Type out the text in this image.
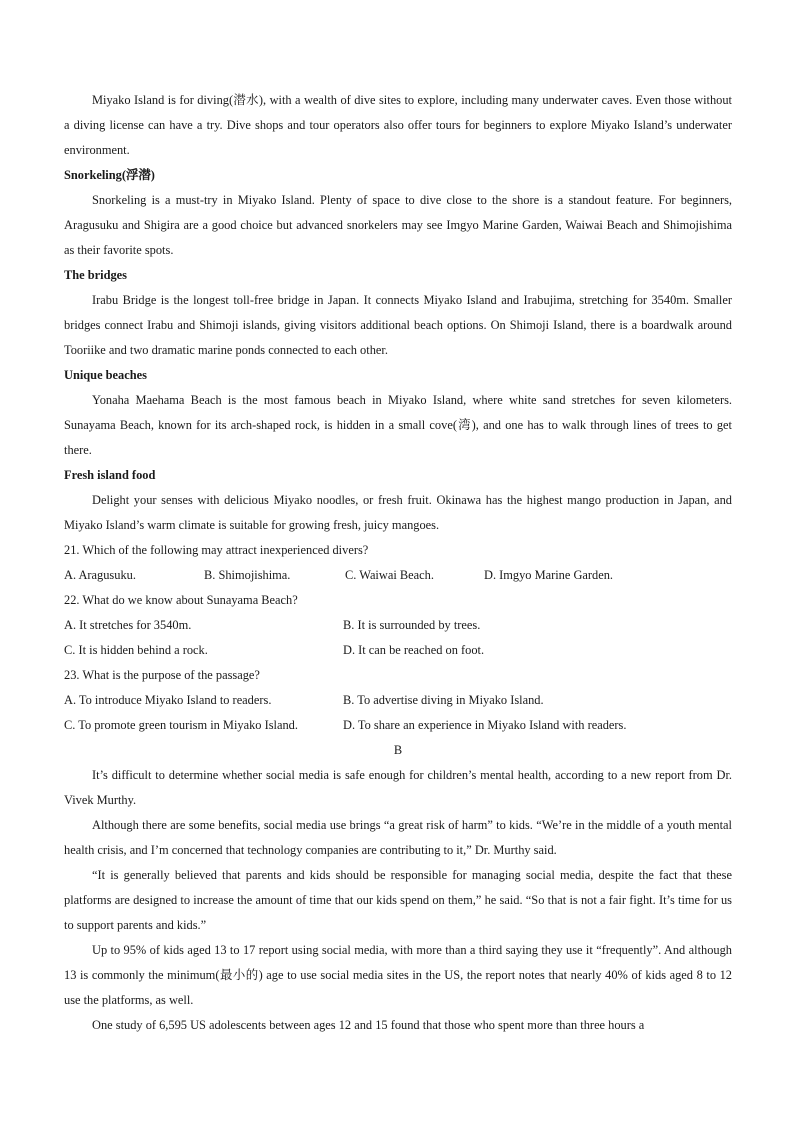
Miyako Island is for diving(潜水), with a wealth of dive sites to explore, including many underwater caves. Even those without a diving license can have a try. Dive shops and tour operators also offer tours for beginners to explore Miyako Island’s underwater environment.

Snorkeling(浮潜)

Snorkeling is a must-try in Miyako Island. Plenty of space to dive close to the shore is a standout feature. For beginners, Aragusuku and Shigira are a good choice but advanced snorkelers may see Imgyo Marine Garden, Waiwai Beach and Shimojishima as their favorite spots.

The bridges

Irabu Bridge is the longest toll-free bridge in Japan. It connects Miyako Island and Irabujima, stretching for 3540m. Smaller bridges connect Irabu and Shimoji islands, giving visitors additional beach options. On Shimoji Island, there is a boardwalk around Tooriike and two dramatic marine ponds connected to each other.

Unique beaches

Yonaha Maehama Beach is the most famous beach in Miyako Island, where white sand stretches for seven kilometers. Sunayama Beach, known for its arch-shaped rock, is hidden in a small cove(湾), and one has to walk through lines of trees to get there.

Fresh island food

Delight your senses with delicious Miyako noodles, or fresh fruit. Okinawa has the highest mango production in Japan, and Miyako Island’s warm climate is suitable for growing fresh, juicy mangoes.

21. Which of the following may attract inexperienced divers?

A. Aragusuku.	B. Shimojishima.	C. Waiwai Beach.	D. Imgyo Marine Garden.

22. What do we know about Sunayama Beach?

A. It stretches for 3540m.	B. It is surrounded by trees.
C. It is hidden behind a rock.	D. It can be reached on foot.

23. What is the purpose of the passage?

A. To introduce Miyako Island to readers.	B. To advertise diving in Miyako Island.
C. To promote green tourism in Miyako Island.	D. To share an experience in Miyako Island with readers.

B

It’s difficult to determine whether social media is safe enough for children’s mental health, according to a new report from Dr. Vivek Murthy.

Although there are some benefits, social media use brings “a great risk of harm” to kids. “We’re in the middle of a youth mental health crisis, and I’m concerned that technology companies are contributing to it,” Dr. Murthy said.

“It is generally believed that parents and kids should be responsible for managing social media, despite the fact that these platforms are designed to increase the amount of time that our kids spend on them,” he said. “So that is not a fair fight. It’s time for us to support parents and kids.”

Up to 95% of kids aged 13 to 17 report using social media, with more than a third saying they use it “frequently”. And although 13 is commonly the minimum(最小的) age to use social media sites in the US, the report notes that nearly 40% of kids aged 8 to 12 use the platforms, as well.

One study of 6,595 US adolescents between ages 12 and 15 found that those who spent more than three hours a
